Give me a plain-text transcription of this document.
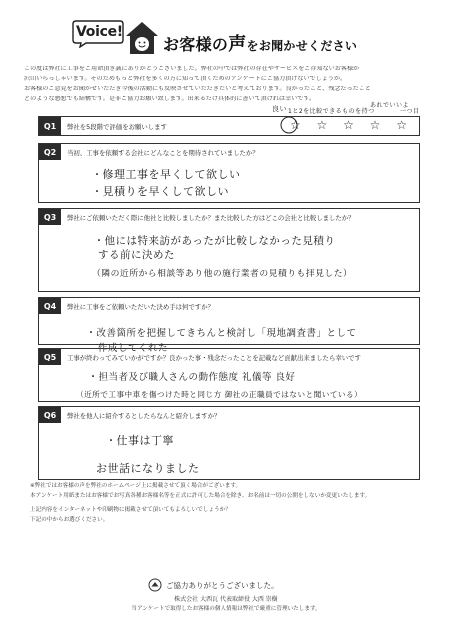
Voice!
お客様の声をお聞かせください
この度は弊社に工事をご用命頂き誠にありがとうございました。弊社の中では弊社の存在やサービスをご存知ないお客様が
沢山いらっしゃいます。そのためもっと弊社を多くの方に知って頂くためのアンケートにご協力頂けないでしょうか。
お客様のご意見をお聞かせいただき今後の活動にも反映させていただきたいと考えております。良かったこと、残念だったこと
どのような感想でも結構です。是非ご協力お願い致します。出来るだけ具体的に書いて頂ければ幸いです。
良い 1と2を比較できるものを持つ
あれでいいよ
一つ目
Q1	弊社を5段階で評価をお願いします	☆ ☆ ☆ ☆ ☆
Q2	当初、工事を依頼する会社にどんなことを期待されていましたか？
・修理工事を早くして欲しい
・見積りを早くして欲しい
Q3	弊社にご依頼いただく際に他社と比較しましたか？また比較した方はどこの会社と比較しましたか？
・他には特来訪があったが比較しなかった見積り
する前に決めた
（隣の近所から相談等あり他の施行業者の見積りも拝見した）
Q4	弊社に工事をご依頼いただいた決め手は何ですか？
・改善箇所を把握してきちんと検討し「現地調査書」として
作成してくれた
Q5	工事が終わってみていかがですか？良かった事・残念だったことを記載など貢献出来ましたら幸いです
・担当者及び職人さんの動作態度 礼儀等 良好
（近所で工事中車を傷つけた時と同じ方 御社の正職員ではないと聞いている）
Q6	弊社を他人に紹介するとしたらなんと紹介しますか？
・仕事は丁寧
お世話になりました
※弊社ではお客様の声を弊社のホームページ上に掲載させて頂く場合がございます。
本アンケート用紙またはお客様でお写真各種お客様名等を正式に許可した場合を除き、お名前は一切の公開をしないか変更いたします。
上記内容をインターネットや印刷物に掲載させて頂いてもよろしいでしょうか？
下記の中からお選びください。
ご協力ありがとうございました。
株式会社 大西瓦 代表取締役 大西 崇樹
当アンケートで取得したお客様の個人情報は弊社で厳重に管理いたします。
